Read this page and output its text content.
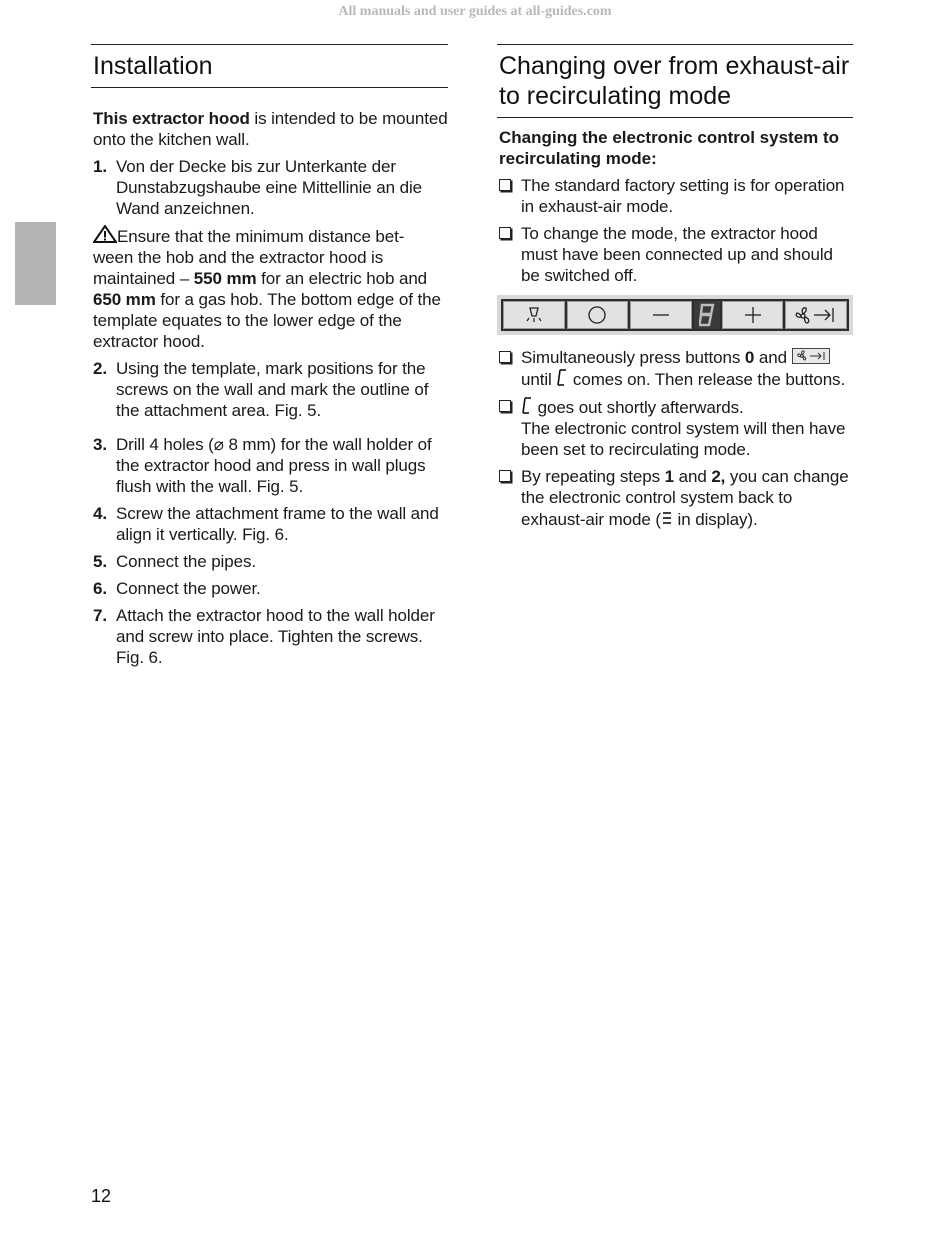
All manuals and user guides at all-guides.com
Installation

This extractor hood is intended to be mounted onto the kitchen wall.

1. Von der Decke bis zur Unterkante der Dunstabzugshaube eine Mittellinie an die Wand anzeichnen.

Ensure that the minimum distance bet- ween the hob and the extractor hood is maintained – 550 mm for an electric hob and 650 mm for a gas hob. The bottom edge of the template equates to the lower edge of the extractor hood.

2. Using the template, mark positions for the screws on the wall and mark the outline of the attachment area. Fig. 5.
3. Drill 4 holes (⌀ 8 mm) for the wall holder of the extractor hood and press in wall plugs flush with the wall. Fig. 5.
4. Screw the attachment frame to the wall and align it vertically. Fig. 6.
5. Connect the pipes.
6. Connect the power.
7. Attach the extractor hood to the wall holder and screw into place. Tighten the screws. Fig. 6.
Changing over from exhaust-air to recirculating mode
Changing the electronic control system to recirculating mode:
The standard factory setting is for operation in exhaust-air mode.
To change the mode, the extractor hood must have been connected up and should be switched off.
Simultaneously press buttons 0 and
until  comes on. Then release the buttons.
goes out shortly afterwards.
The electronic control system will then have been set to recirculating mode.
By repeating steps 1 and 2, you can change the electronic control system back to exhaust-air mode ( in display).
12
